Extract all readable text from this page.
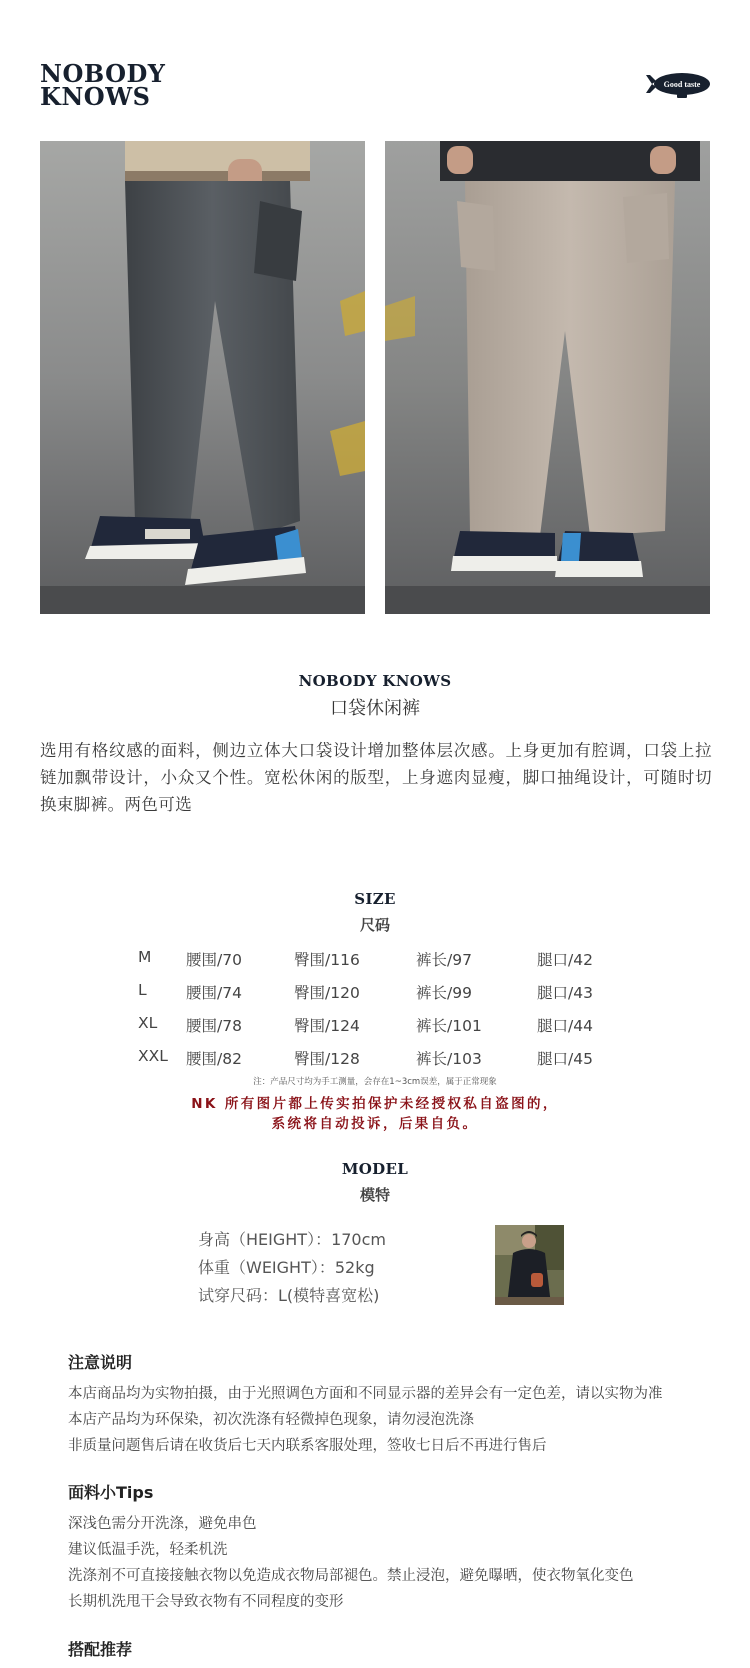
NOBODY
KNOWS	Good taste
NOBODY KNOWS
口袋休闲裤

选用有格纹感的面料，侧边立体大口袋设计增加整体层次感。上身更加有腔调，口袋上拉链加飘带设计，小众又个性。宽松休闲的版型，上身遮肉显瘦，脚口抽绳设计，可随时切换束脚裤。两色可选

SIZE
尺码
M 腰围/70	臀围/116	裤长/97	腿口/42
L	腰围/74	臀围/120	裤长/99	腿口/43
XL 腰围/78	臀围/124	裤长/101	腿口/44
XXL 腰围/82	臀围/128	裤长/103	腿口/45
注：产品尺寸均为手工测量，会存在1~3cm误差，属于正常现象
NK 所有图片都上传实拍保护未经授权私自盗图的，
系统将自动投诉，后果自负。
MODEL
模特
身高（HEIGHT）：170cm
体重（WEIGHT）：52kg
试穿尺码：L(模特喜宽松)
注意说明
本店商品均为实物拍摄，由于光照调色方面和不同显示器的差异会有一定色差，请以实物为准
本店产品均为环保染，初次洗涤有轻微掉色现象，请勿浸泡洗涤
非质量问题售后请在收货后七天内联系客服处理，签收七日后不再进行售后
面料小Tips
深浅色需分开洗涤，避免串色
建议低温手洗，轻柔机洗
洗涤剂不可直接接触衣物以免造成衣物局部褪色。禁止浸泡，避免曝晒，使衣物氧化变色
长期机洗甩干会导致衣物有不同程度的变形
搭配推荐
